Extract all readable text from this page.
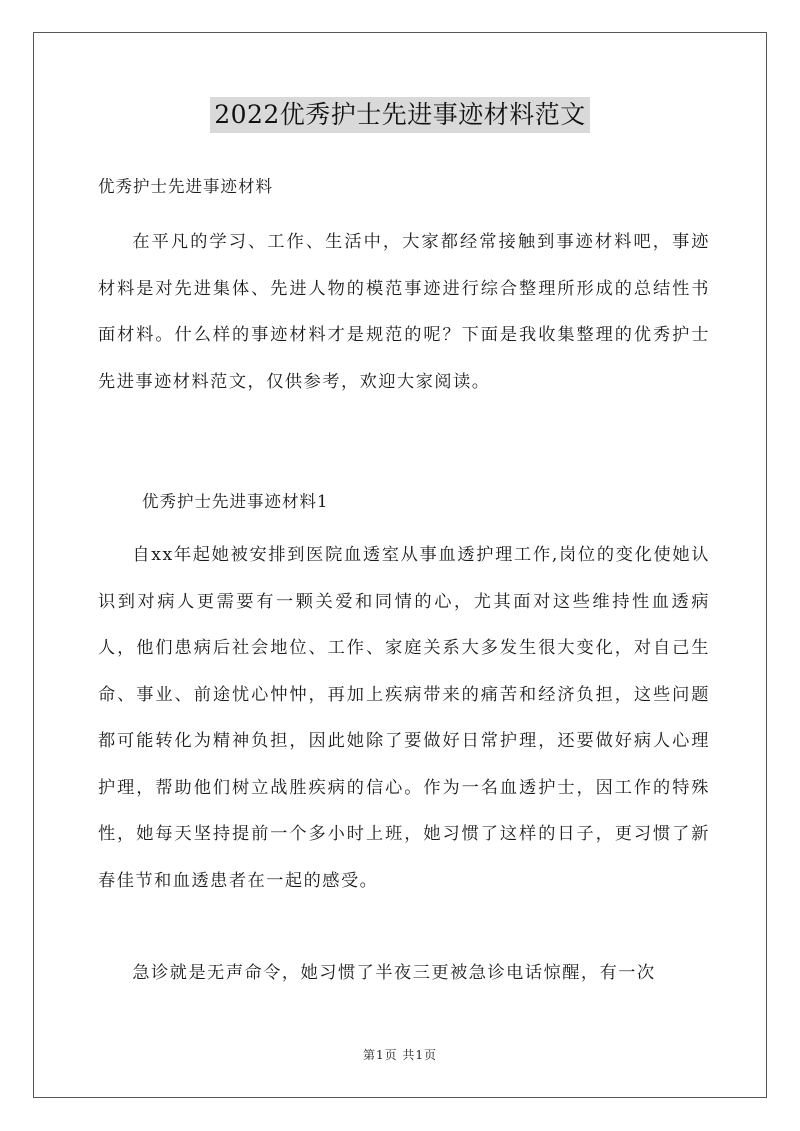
2022优秀护士先进事迹材料范文
优秀护士先进事迹材料

在平凡的学习、工作、生活中，大家都经常接触到事迹材料吧，事迹材料是对先进集体、先进人物的模范事迹进行综合整理所形成的总结性书面材料。什么样的事迹材料才是规范的呢？下面是我收集整理的优秀护士先进事迹材料范文，仅供参考，欢迎大家阅读。

优秀护士先进事迹材料1

自xx年起她被安排到医院血透室从事血透护理工作,岗位的变化使她认识到对病人更需要有一颗关爱和同情的心，尤其面对这些维持性血透病人，他们患病后社会地位、工作、家庭关系大多发生很大变化，对自己生命、事业、前途忧心忡忡，再加上疾病带来的痛苦和经济负担，这些问题都可能转化为精神负担，因此她除了要做好日常护理，还要做好病人心理护理，帮助他们树立战胜疾病的信心。作为一名血透护士，因工作的特殊性，她每天坚持提前一个多小时上班，她习惯了这样的日子，更习惯了新春佳节和血透患者在一起的感受。

急诊就是无声命令，她习惯了半夜三更被急诊电话惊醒，有一次

第1页 共1页
